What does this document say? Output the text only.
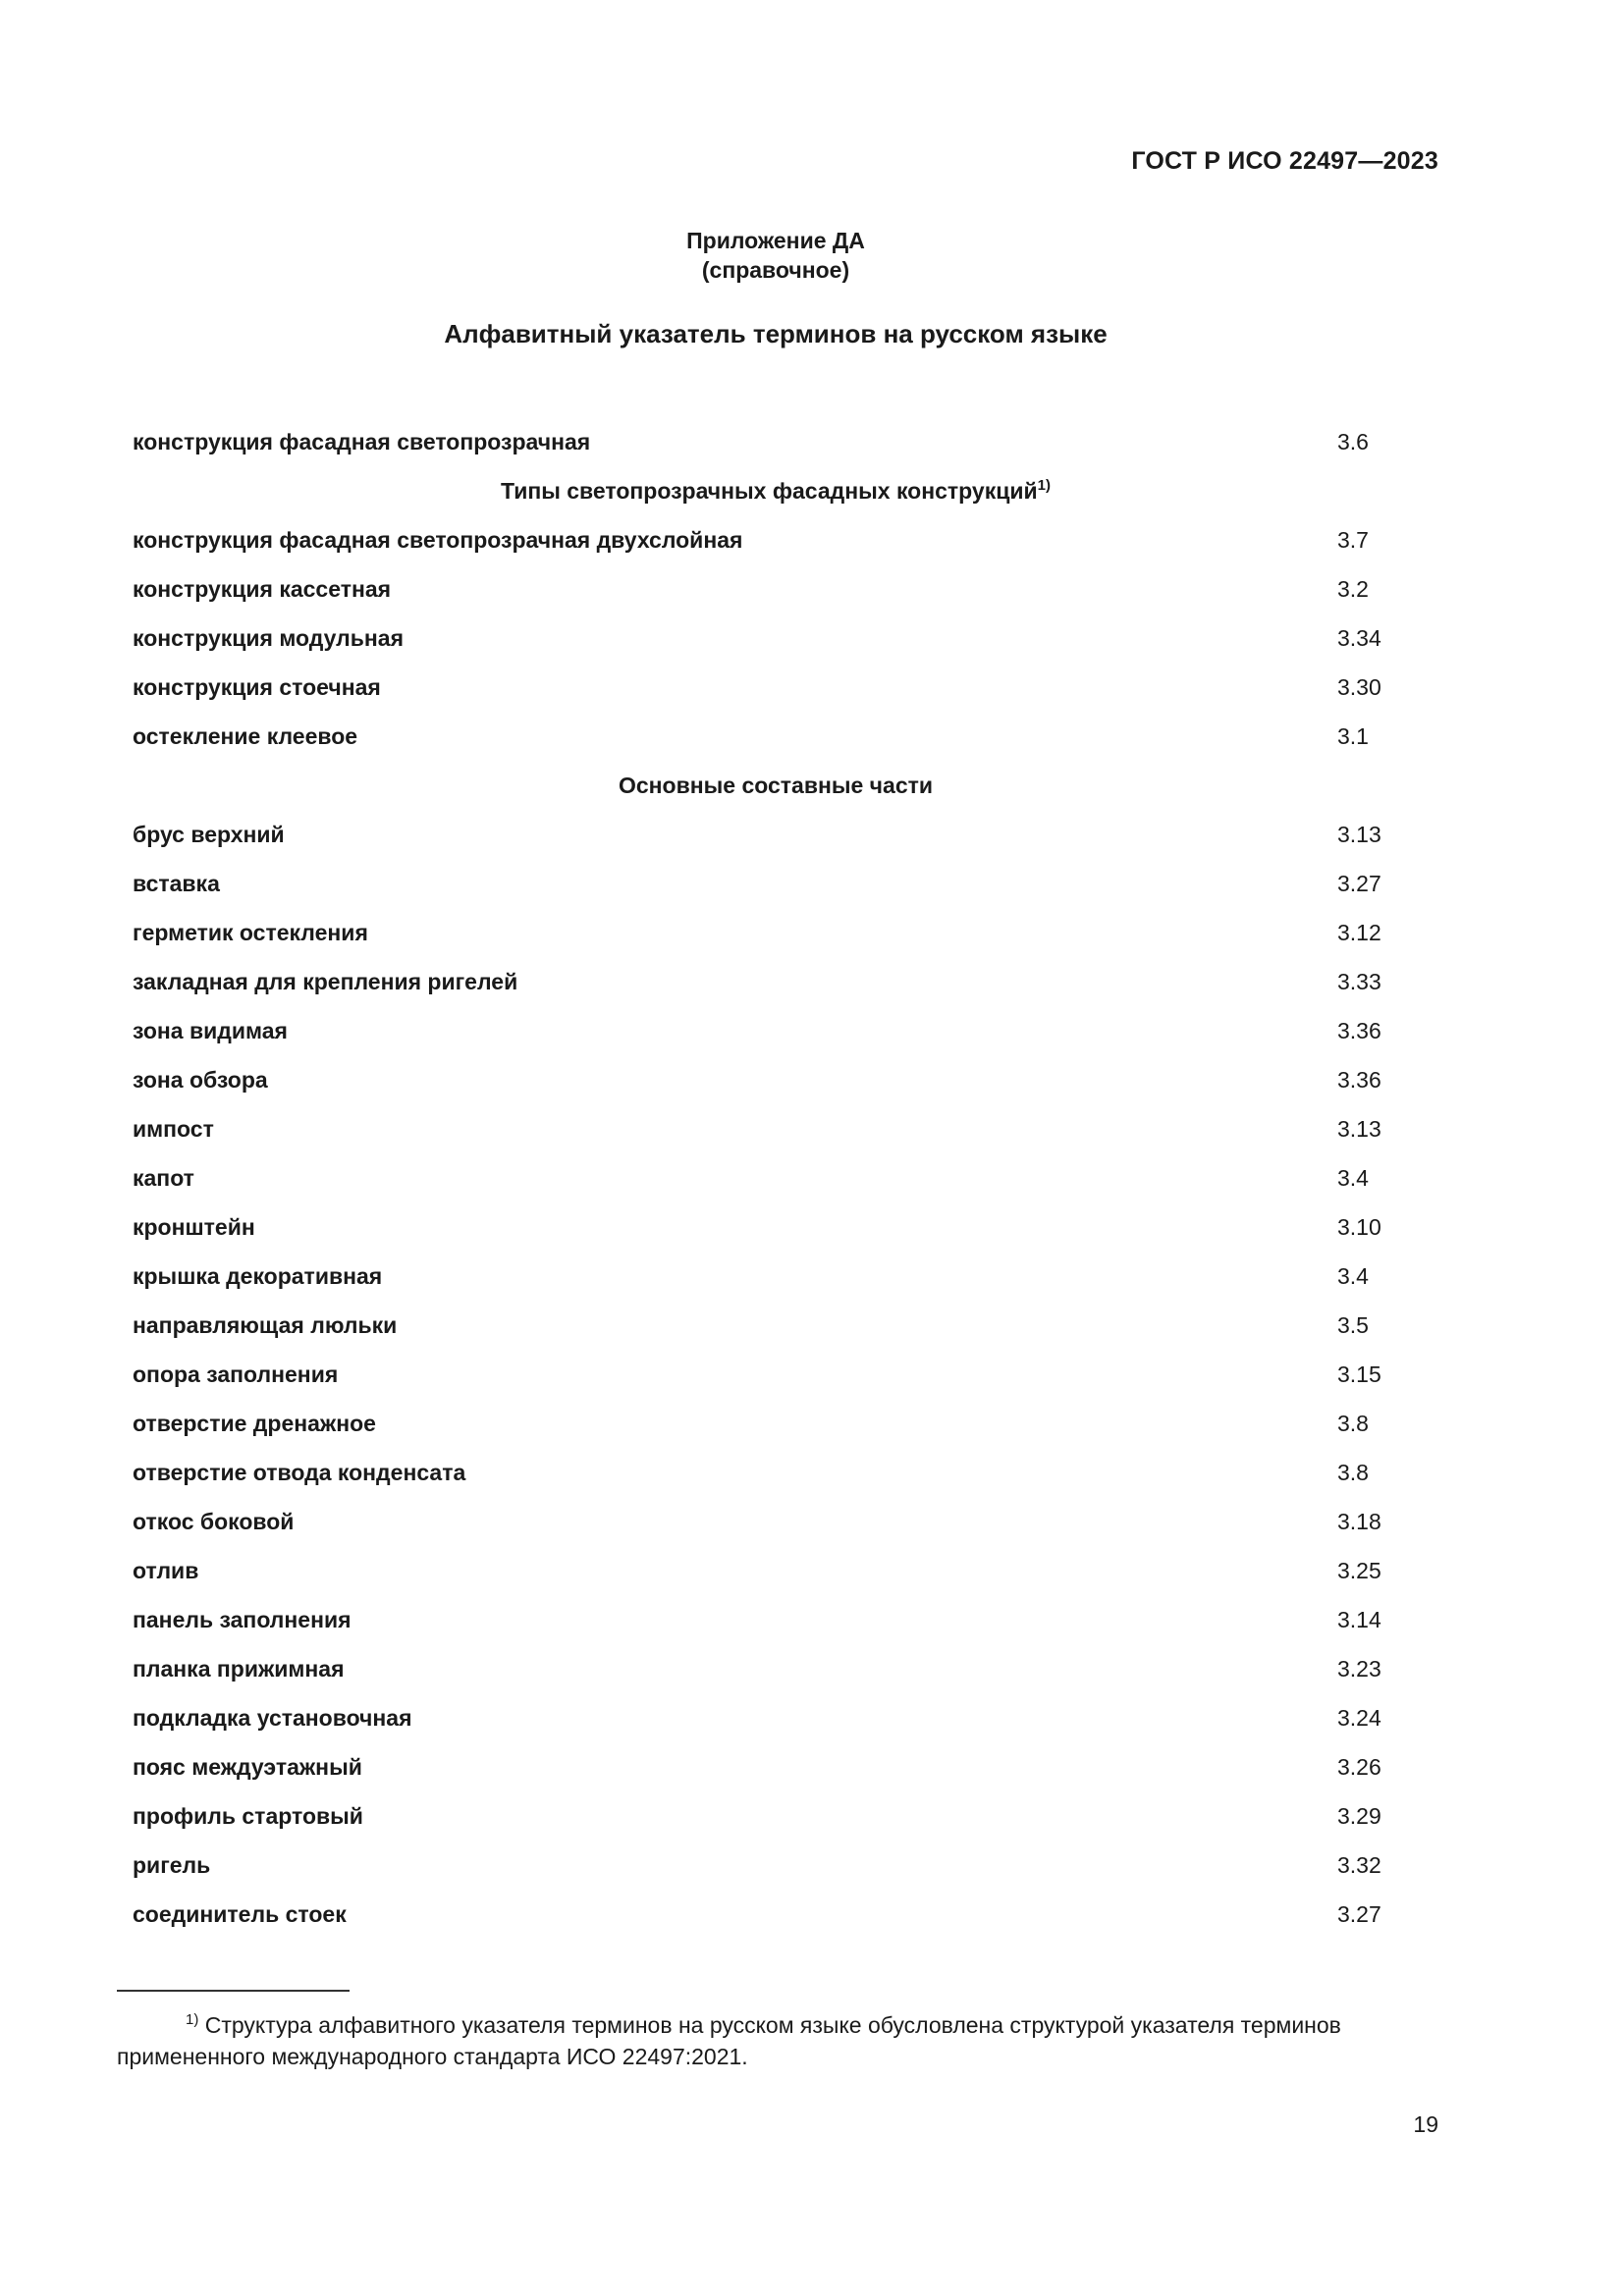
ГОСТ Р ИСО 22497—2023
Приложение ДА
(справочное)
Алфавитный указатель терминов на русском языке
конструкция фасадная светопрозрачная	3.6
Типы светопрозрачных фасадных конструкций$^{1)}$
конструкция фасадная светопрозрачная двухслойная	3.7
конструкция кассетная	3.2
конструкция модульная	3.34
конструкция стоечная	3.30
остекление клеевое	3.1
Основные составные части
брус верхний	3.13
вставка	3.27
герметик остекления	3.12
закладная для крепления ригелей	3.33
зона видимая	3.36
зона обзора	3.36
импост	3.13
капот	3.4
кронштейн	3.10
крышка декоративная	3.4
направляющая люльки	3.5
опора заполнения	3.15
отверстие дренажное	3.8
отверстие отвода конденсата	3.8
откос боковой	3.18
отлив	3.25
панель заполнения	3.14
планка прижимная	3.23
подкладка установочная	3.24
пояс междуэтажный	3.26
профиль стартовый	3.29
ригель	3.32
соединитель стоек	3.27
$^{1)}$ Структура алфавитного указателя терминов на русском языке обусловлена структурой указателя терминов примененного международного стандарта ИСО 22497:2021.
19
